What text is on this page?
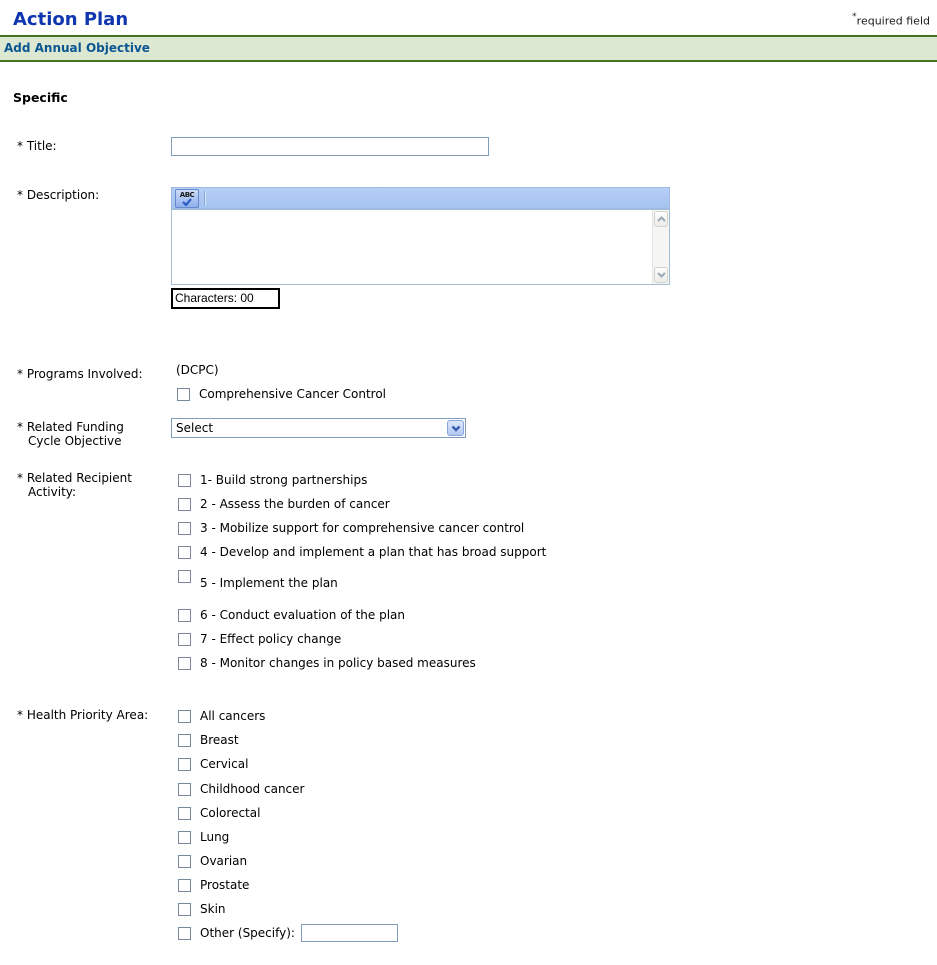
Action Plan	*required field
Add Annual Objective
Specific
* Title:
* Description:	ABC
Characters: 00
* Programs Involved:	(DCPC)
Comprehensive Cancer Control
* Related Funding
Cycle Objective
Select
* Related Recipient
Activity:
1- Build strong partnerships
2 - Assess the burden of cancer
3 - Mobilize support for comprehensive cancer control
4 - Develop and implement a plan that has broad support
5 - Implement the plan
6 - Conduct evaluation of the plan
7 - Effect policy change
8 - Monitor changes in policy based measures
* Health Priority Area:	All cancers
Breast
Cervical
Childhood cancer
Colorectal
Lung
Ovarian
Prostate
Skin
Other (Specify):
